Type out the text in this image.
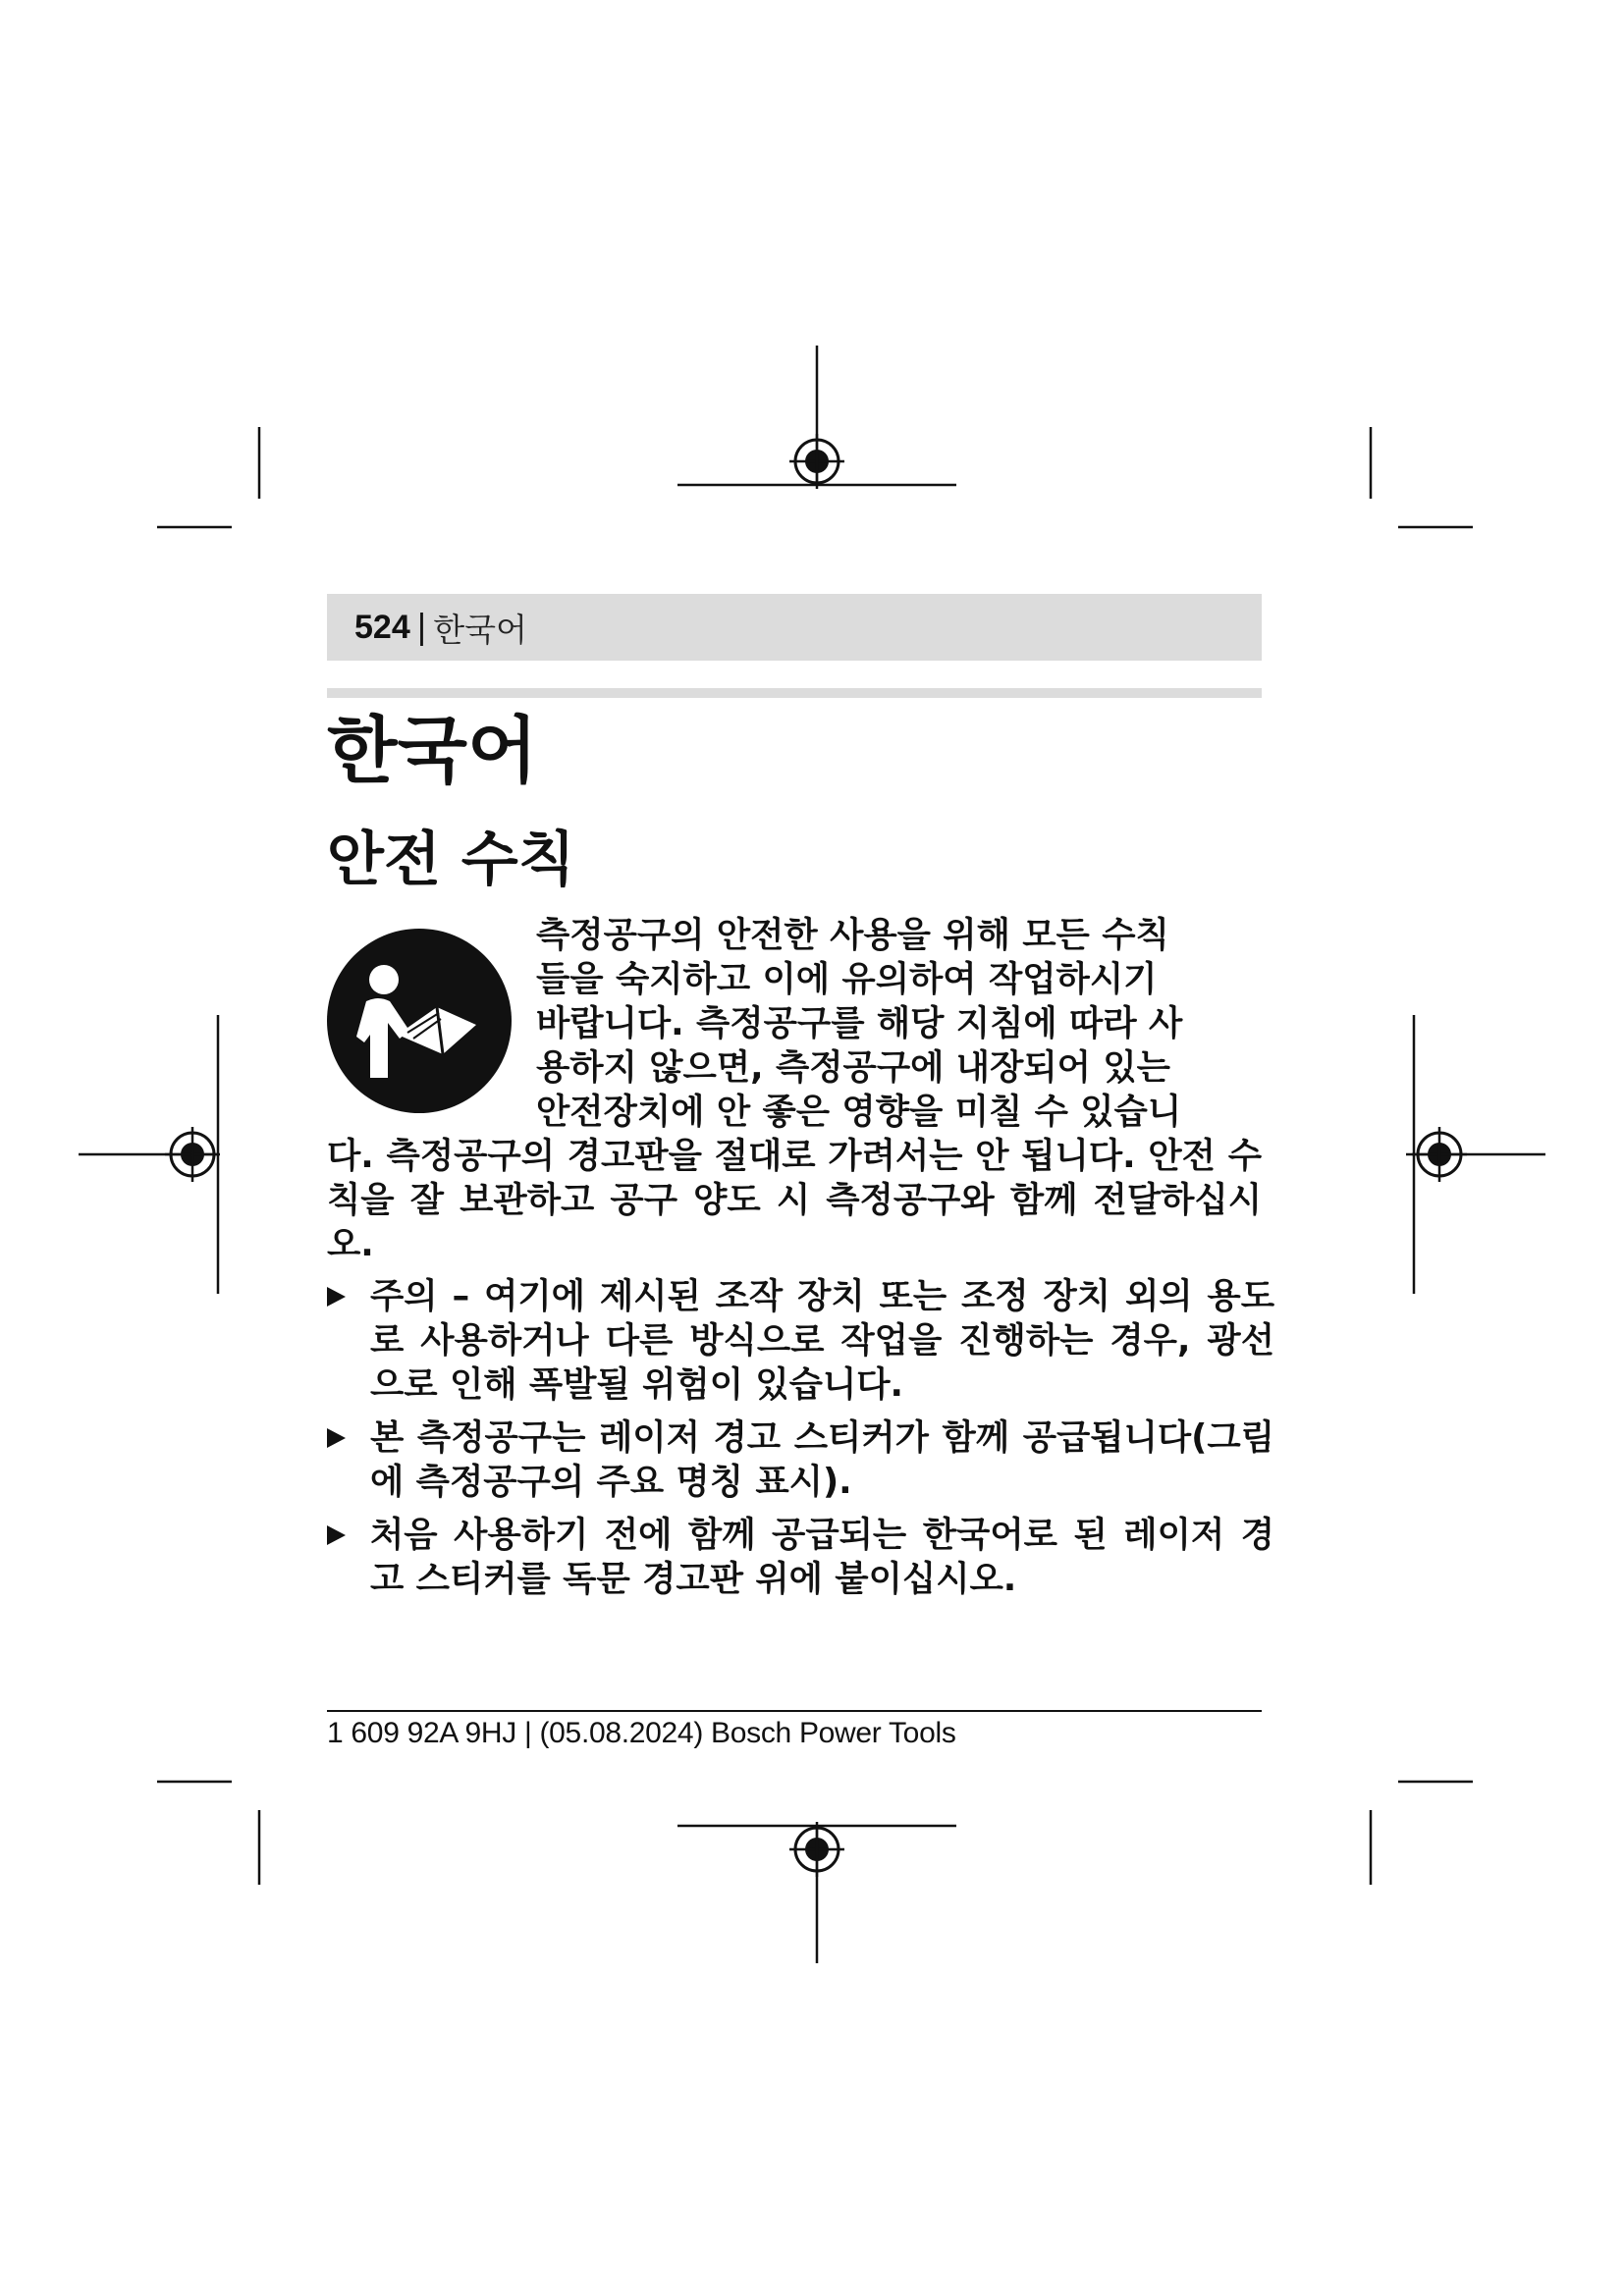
524 | 한국어
한국어
안전 수칙

측정공구의 안전한 사용을 위해 모든 수칙

들을 숙지하고 이에 유의하여 작업하시기

바랍니다. 측정공구를 해당 지침에 따라 사

용하지 않으면, 측정공구에 내장되어 있는

안전장치에 안 좋은 영향을 미칠 수 있습니

다. 측정공구의 경고판을 절대로 가려서는 안 됩니다. 안전 수칙을 잘 보관하고 공구 양도 시 측정공구와 함께 전달하십시오.

주의 – 여기에 제시된 조작 장치 또는 조정 장치 외의 용도로 사용하거나 다른 방식으로 작업을 진행하는 경우, 광선으로 인해 폭발될 위험이 있습니다.
본 측정공구는 레이저 경고 스티커가 함께 공급됩니다(그림에 측정공구의 주요 명칭 표시).
처음 사용하기 전에 함께 공급되는 한국어로 된 레이저 경고 스티커를 독문 경고판 위에 붙이십시오.
1 609 92A 9HJ | (05.08.2024) Bosch Power Tools
